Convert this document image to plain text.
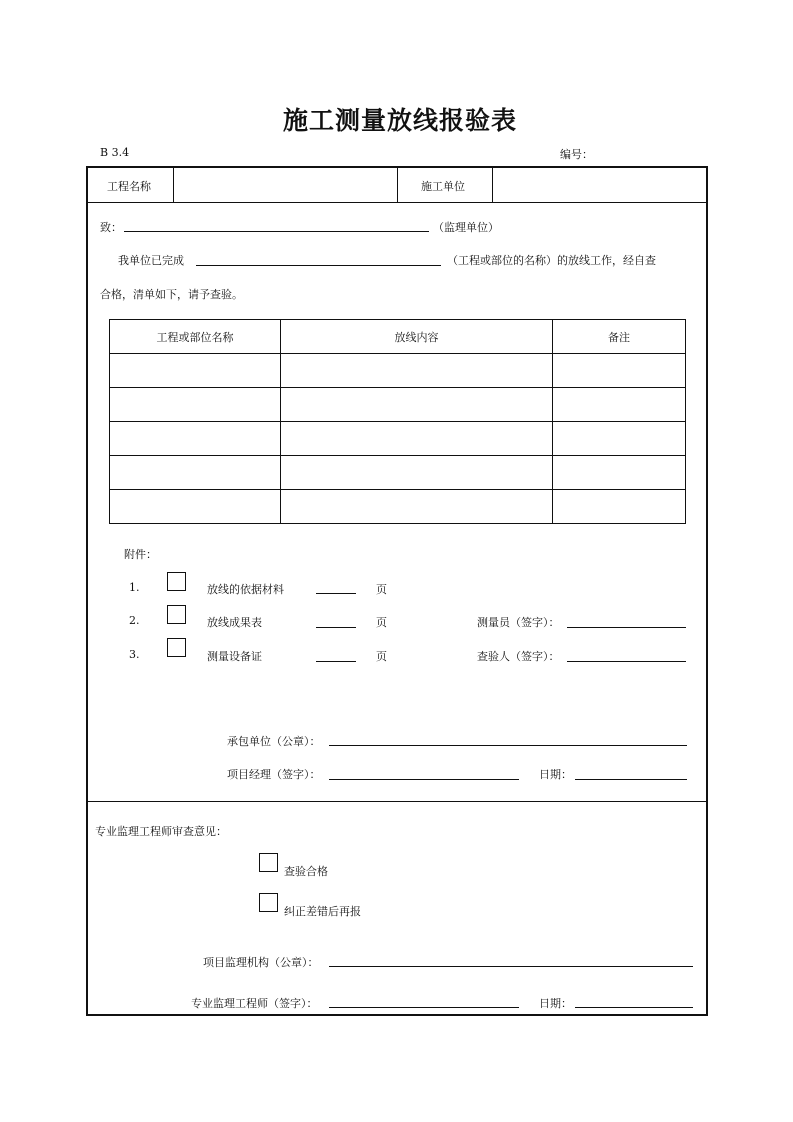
施工测量放线报验表
B 3.4	编号：
工程名称	施工单位
致：	（监理单位）
我单位已完成	（工程或部位的名称）的放线工作，经自查
合格，清单如下，请予查验。
工程或部位名称	放线内容	备注

附件：
1.	放线的依据材料	页
2.	放线成果表	页	测量员（签字）：
3.	测量设备证	页	查验人（签字）：
承包单位（公章）：
项目经理（签字）：	日期：
专业监理工程师审查意见：
查验合格
纠正差错后再报
项目监理机构（公章）：
专业监理工程师（签字）：	日期：
